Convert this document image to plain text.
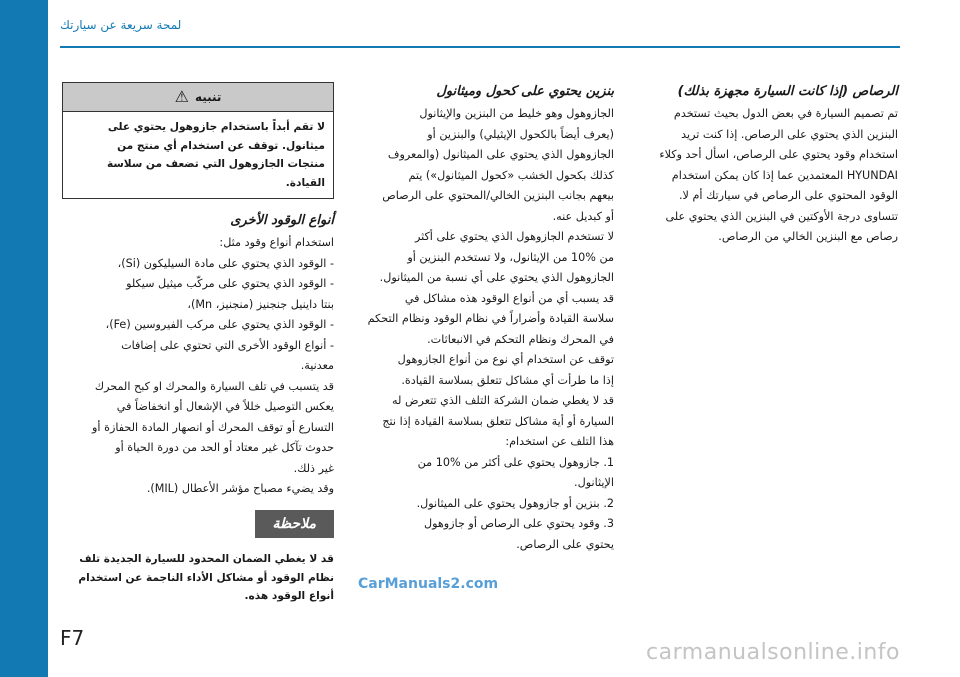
ﻟﻤﺤﺔ ﺳﺮﻳﻌﺔ ﻋﻦ ﺳﻴﺎرﺗﻚ
اﻟﺮﺻﺎص (إذا ﻛﺎﻧﺖ اﻟﺴﻴﺎرة ﻣﺠﻬﺰة ﺑﺬﻟﻚ)

ﺗﻢ ﺗﺼﻤﻴﻢ اﻟﺴﻴﺎرة ﻓﻲ ﺑﻌﺾ اﻟﺪول ﺑﺤﻴﺚ ﺗﺴﺘﺨﺪم

اﻟﺒﻨﺰﻳﻦ اﻟﺬي ﻳﺤﺘﻮي ﻋﻠﻰ اﻟﺮﺻﺎص. إذا ﻛﻨﺖ ﺗﺮﻳﺪ

اﺳﺘﺨﺪام وﻗﻮد ﻳﺤﺘﻮي ﻋﻠﻰ اﻟﺮﺻﺎص، اﺳﺄل أﺣﺪ وﻛﻼء

HYUNDAI اﻟﻤﻌﺘﻤﺪﻳﻦ ﻋﻤﺎ إذا ﻛﺎن ﻳﻤﻜﻦ اﺳﺘﺨﺪام

اﻟﻮﻗﻮد اﻟﻤﺤﺘﻮي ﻋﻠﻰ اﻟﺮﺻﺎص ﻓﻲ ﺳﻴﺎرﺗﻚ أم ﻻ.

ﺗﺘﺴﺎوى درﺟﺔ اﻷوﻛﺘﻴﻦ ﻓﻲ اﻟﺒﻨﺰﻳﻦ اﻟﺬي ﻳﺤﺘﻮي ﻋﻠﻰ

رﺻﺎص ﻣﻊ اﻟﺒﻨﺰﻳﻦ اﻟﺨﺎﻟﻲ ﻣﻦ اﻟﺮﺻﺎص.

ﺑﻨﺰﻳﻦ ﻳﺤﺘﻮي ﻋﻠﻰ ﻛﺤﻮل وﻣﻴﺜﺎﻧﻮل

اﻟﺠﺎزوﻫﻮل وﻫﻮ ﺧﻠﻴﻂ ﻣﻦ اﻟﺒﻨﺰﻳﻦ واﻹﻳﺜﺎﻧﻮل

(ﻳﻌﺮف أﻳﻀﺎً ﺑﺎﻟﻜﺤﻮل اﻹﻳﺜﻴﻠﻲ) واﻟﺒﻨﺰﻳﻦ أو

اﻟﺠﺎزوﻫﻮل اﻟﺬي ﻳﺤﺘﻮي ﻋﻠﻰ اﻟﻤﻴﺜﺎﻧﻮل (واﻟﻤﻌﺮوف

ﻛﺬﻟﻚ ﺑﻜﺤﻮل اﻟﺨﺸﺐ «ﻛﺤﻮل اﻟﻤﻴﺜﺎﻧﻮل») ﻳﺘﻢ

ﺑﻴﻌﻬﻢ ﺑﺠﺎﻧﺐ اﻟﺒﻨﺰﻳﻦ اﻟﺨﺎﻟﻲ/اﻟﻤﺤﺘﻮي ﻋﻠﻰ اﻟﺮﺻﺎص

أو ﻛﺒﺪﻳﻞ ﻋﻨﻪ.

ﻻ ﺗﺴﺘﺨﺪم اﻟﺠﺎزوﻫﻮل اﻟﺬي ﻳﺤﺘﻮي ﻋﻠﻰ أﻛﺜﺮ

ﻣﻦ %10 ﻣﻦ اﻹﻳﺜﺎﻧﻮل، وﻻ ﺗﺴﺘﺨﺪم اﻟﺒﻨﺰﻳﻦ أو

اﻟﺠﺎزوﻫﻮل اﻟﺬي ﻳﺤﺘﻮي ﻋﻠﻰ أي ﻧﺴﺒﺔ ﻣﻦ اﻟﻤﻴﺜﺎﻧﻮل.

ﻗﺪ ﻳﺴﺒﺐ أي ﻣﻦ أﻧﻮاع اﻟﻮﻗﻮد ﻫﺬه ﻣﺸﺎﻛﻞ ﻓﻲ

ﺳﻼﺳﺔ اﻟﻘﻴﺎدة وأﺿﺮاراً ﻓﻲ ﻧﻈﺎم اﻟﻮﻗﻮد وﻧﻈﺎم اﻟﺘﺤﻜﻢ

ﻓﻲ اﻟﻤﺤﺮك وﻧﻈﺎم اﻟﺘﺤﻜﻢ ﻓﻲ اﻻﻧﺒﻌﺎﺛﺎت.

ﺗﻮﻗﻒ ﻋﻦ اﺳﺘﺨﺪام أي ﻧﻮع ﻣﻦ أﻧﻮاع اﻟﺠﺎزوﻫﻮل

إذا ﻣﺎ ﻃﺮأت أي ﻣﺸﺎﻛﻞ ﺗﺘﻌﻠﻖ ﺑﺴﻼﺳﺔ اﻟﻘﻴﺎدة.

ﻗﺪ ﻻ ﻳﻐﻄﻲ ﺿﻤﺎن اﻟﺸﺮﻛﺔ اﻟﺘﻠﻒ اﻟﺬي ﺗﺘﻌﺮض ﻟﻪ

اﻟﺴﻴﺎرة أو أﻳﺔ ﻣﺸﺎﻛﻞ ﺗﺘﻌﻠﻖ ﺑﺴﻼﺳﺔ اﻟﻘﻴﺎدة إذا ﻧﺘﺞ

ﻫﺬا اﻟﺘﻠﻒ ﻋﻦ اﺳﺘﺨﺪام:

1. ﺟﺎزوﻫﻮل ﻳﺤﺘﻮي ﻋﻠﻰ أﻛﺜﺮ ﻣﻦ %10 ﻣﻦ
اﻹﻳﺜﺎﻧﻮل.
2. ﺑﻨﺰﻳﻦ أو ﺟﺎزوﻫﻮل ﻳﺤﺘﻮي ﻋﻠﻰ اﻟﻤﻴﺜﺎﻧﻮل.
3. وﻗﻮد ﻳﺤﺘﻮي ﻋﻠﻰ اﻟﺮﺻﺎص أو ﺟﺎزوﻫﻮل
ﻳﺤﺘﻮي ﻋﻠﻰ اﻟﺮﺻﺎص.
ﺗﻨﺒﻴﻪ
⚠

ﻻ ﺗﻘﻢ أﺑﺪاً ﺑﺎﺳﺘﺨﺪام ﺟﺎزوﻫﻮل ﻳﺤﺘﻮي ﻋﻠﻰ

ﻣﻴﺜﺎﻧﻮل. ﺗﻮﻗﻒ ﻋﻦ اﺳﺘﺨﺪام أي ﻣﻨﺘﺞ ﻣﻦ

ﻣﻨﺘﺠﺎت اﻟﺠﺎزوﻫﻮل اﻟﺘﻲ ﺗﻀﻌﻒ ﻣﻦ ﺳﻼﺳﺔ اﻟﻘﻴﺎدة.

أﻧﻮاع اﻟﻮﻗﻮد اﻷﺧﺮى

اﺳﺘﺨﺪام أﻧﻮاع وﻗﻮد ﻣﺜﻞ:

- اﻟﻮﻗﻮد اﻟﺬي ﻳﺤﺘﻮي ﻋﻠﻰ ﻣﺎدة اﻟﺴﻴﻠﻴﻜﻮن (Si)،

- اﻟﻮﻗﻮد اﻟﺬي ﻳﺤﺘﻮي ﻋﻠﻰ ﻣﺮﻛّﺐ ﻣﻴﺜﻴﻞ ﺳﻴﻜﻠﻮ

ﺑﻨﺘﺎ داﻳﻨﻴﻞ ﺟﻨﺠﻨﻴﺰ (ﻣﻨﺠﻨﻴﺰ، Mn)،

- اﻟﻮﻗﻮد اﻟﺬي ﻳﺤﺘﻮي ﻋﻠﻰ ﻣﺮﻛﺐ اﻟﻔﻴﺮوﺳﻴﻦ (Fe)،

- أﻧﻮاع اﻟﻮﻗﻮد اﻷﺧﺮى اﻟﺘﻲ ﺗﺤﺘﻮي ﻋﻠﻰ إﺿﺎﻓﺎت

ﻣﻌﺪﻧﻴﺔ.

ﻗﺪ ﻳﺘﺴﺒﺐ ﻓﻲ ﺗﻠﻒ اﻟﺴﻴﺎرة واﻟﻤﺤﺮك او ﻛﺒﺢ اﻟﻤﺤﺮك

ﻳﻌﻜﺲ اﻟﺘﻮﺻﻴﻞ ﺧﻠﻼً ﻓﻲ اﻹﺷﻌﺎل أو اﻧﺨﻔﺎﺿﺎً ﻓﻲ

اﻟﺘﺴﺎرع أو ﺗﻮﻗﻒ اﻟﻤﺤﺮك أو اﻧﺼﻬﺎر اﻟﻤﺎدة اﻟﺤﻔﺎزة أو

ﺣﺪوث ﺗﺂﻛﻞ ﻏﻴﺮ ﻣﻌﺘﺎد أو اﻟﺤﺪ ﻣﻦ دورة اﻟﺤﻴﺎة أو

ﻏﻴﺮ ذﻟﻚ.

وﻗﺪ ﻳﻀﻲء ﻣﺼﺒﺎح ﻣﺆﺷﺮ اﻷﻋﻄﺎل (MIL).

ﻣﻼﺣﻈﺔ

ﻗﺪ ﻻ ﻳﻐﻄﻲ اﻟﻀﻤﺎن اﻟﻤﺤﺪود ﻟﻠﺴﻴﺎرة اﻟﺠﺪﻳﺪة ﺗﻠﻒ

ﻧﻈﺎم اﻟﻮﻗﻮد أو ﻣﺸﺎﻛﻞ اﻷداء اﻟﻨﺎﺟﻤﺔ ﻋﻦ اﺳﺘﺨﺪام

أﻧﻮاع اﻟﻮﻗﻮد ﻫﺬه.

F7
CarManuals2.com
carmanualsonline.info
